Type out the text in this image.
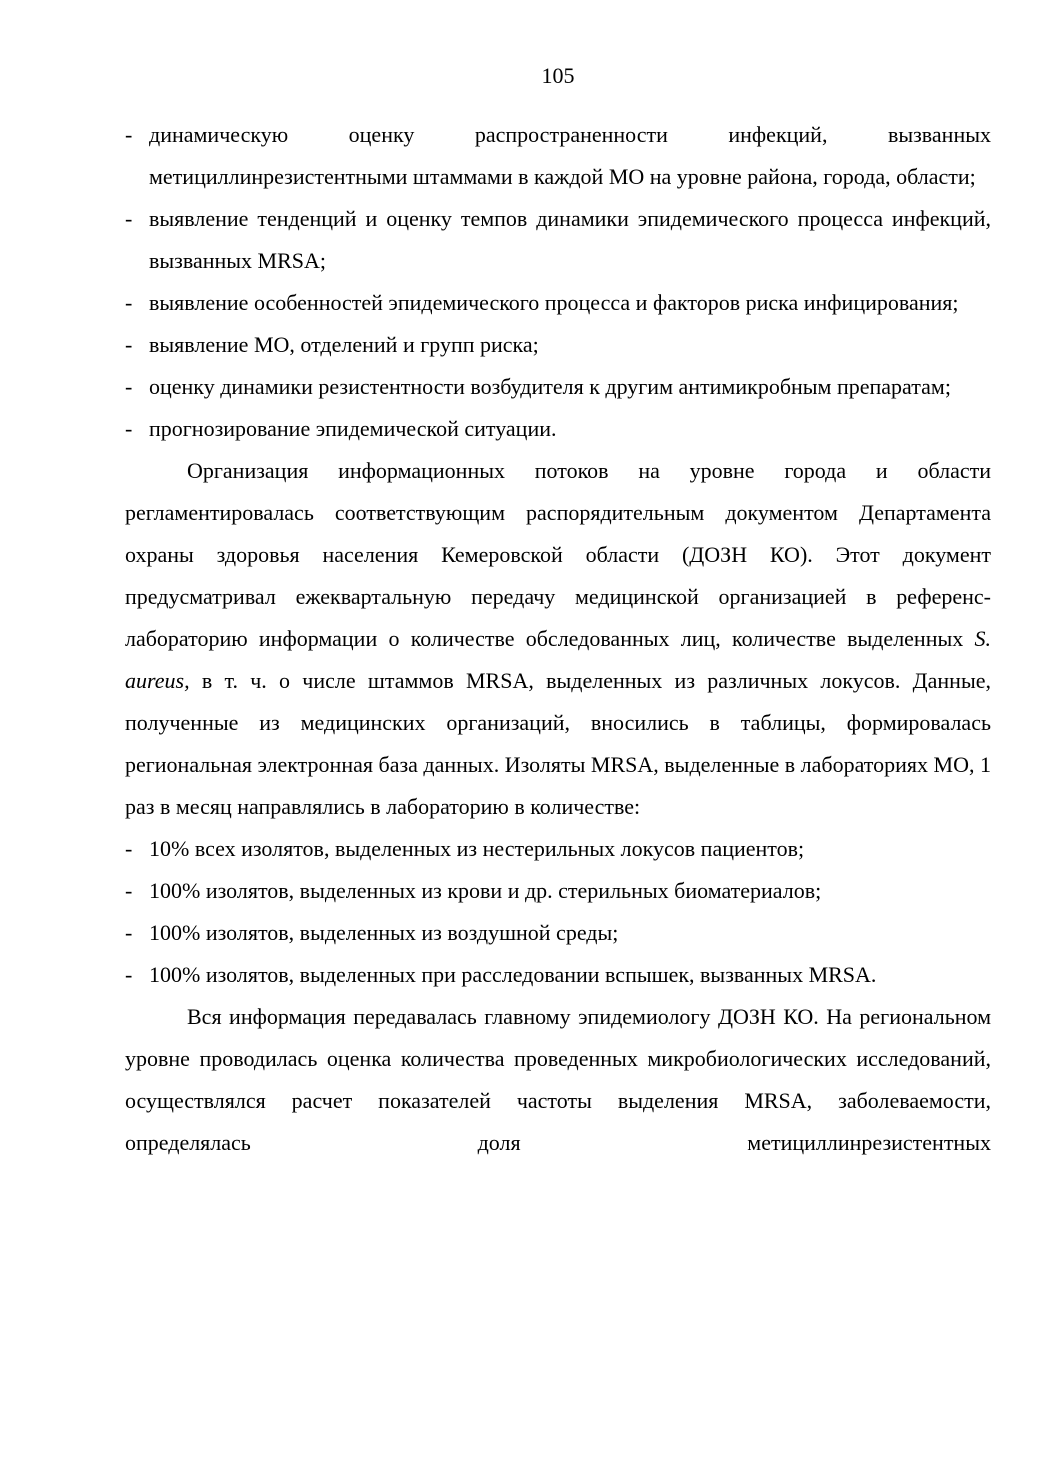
105
- динамическую оценку распространенности инфекций, вызванных метициллинрезистентными штаммами в каждой МО на уровне района, города, области;
- выявление тенденций и оценку темпов динамики эпидемического процесса инфекций, вызванных MRSA;
- выявление особенностей эпидемического процесса и факторов риска инфицирования;
- выявление МО, отделений и групп риска;
- оценку динамики резистентности возбудителя к другим антимикробным препаратам;
- прогнозирование эпидемической ситуации.

Организация информационных потоков на уровне города и области регламентировалась соответствующим распорядительным документом Департамента охраны здоровья населения Кемеровской области (ДОЗН КО). Этот документ предусматривал ежеквартальную передачу медицинской организацией в референс-лабораторию информации о количестве обследованных лиц, количестве выделенных S. aureus, в т. ч. о числе штаммов MRSA, выделенных из различных локусов. Данные, полученные из медицинских организаций, вносились в таблицы, формировалась региональная электронная база данных. Изоляты MRSA, выделенные в лабораториях МО, 1 раз в месяц направлялись в лабораторию в количестве:

- 10% всех изолятов, выделенных из нестерильных локусов пациентов;
- 100% изолятов, выделенных из крови и др. стерильных биоматериалов;
- 100% изолятов, выделенных из воздушной среды;
- 100% изолятов, выделенных при расследовании вспышек, вызванных MRSA.

Вся информация передавалась главному эпидемиологу ДОЗН КО. На региональном уровне проводилась оценка количества проведенных микробиологических исследований, осуществлялся расчет показателей частоты выделения MRSA, заболеваемости, определялась доля метициллинрезистентных
